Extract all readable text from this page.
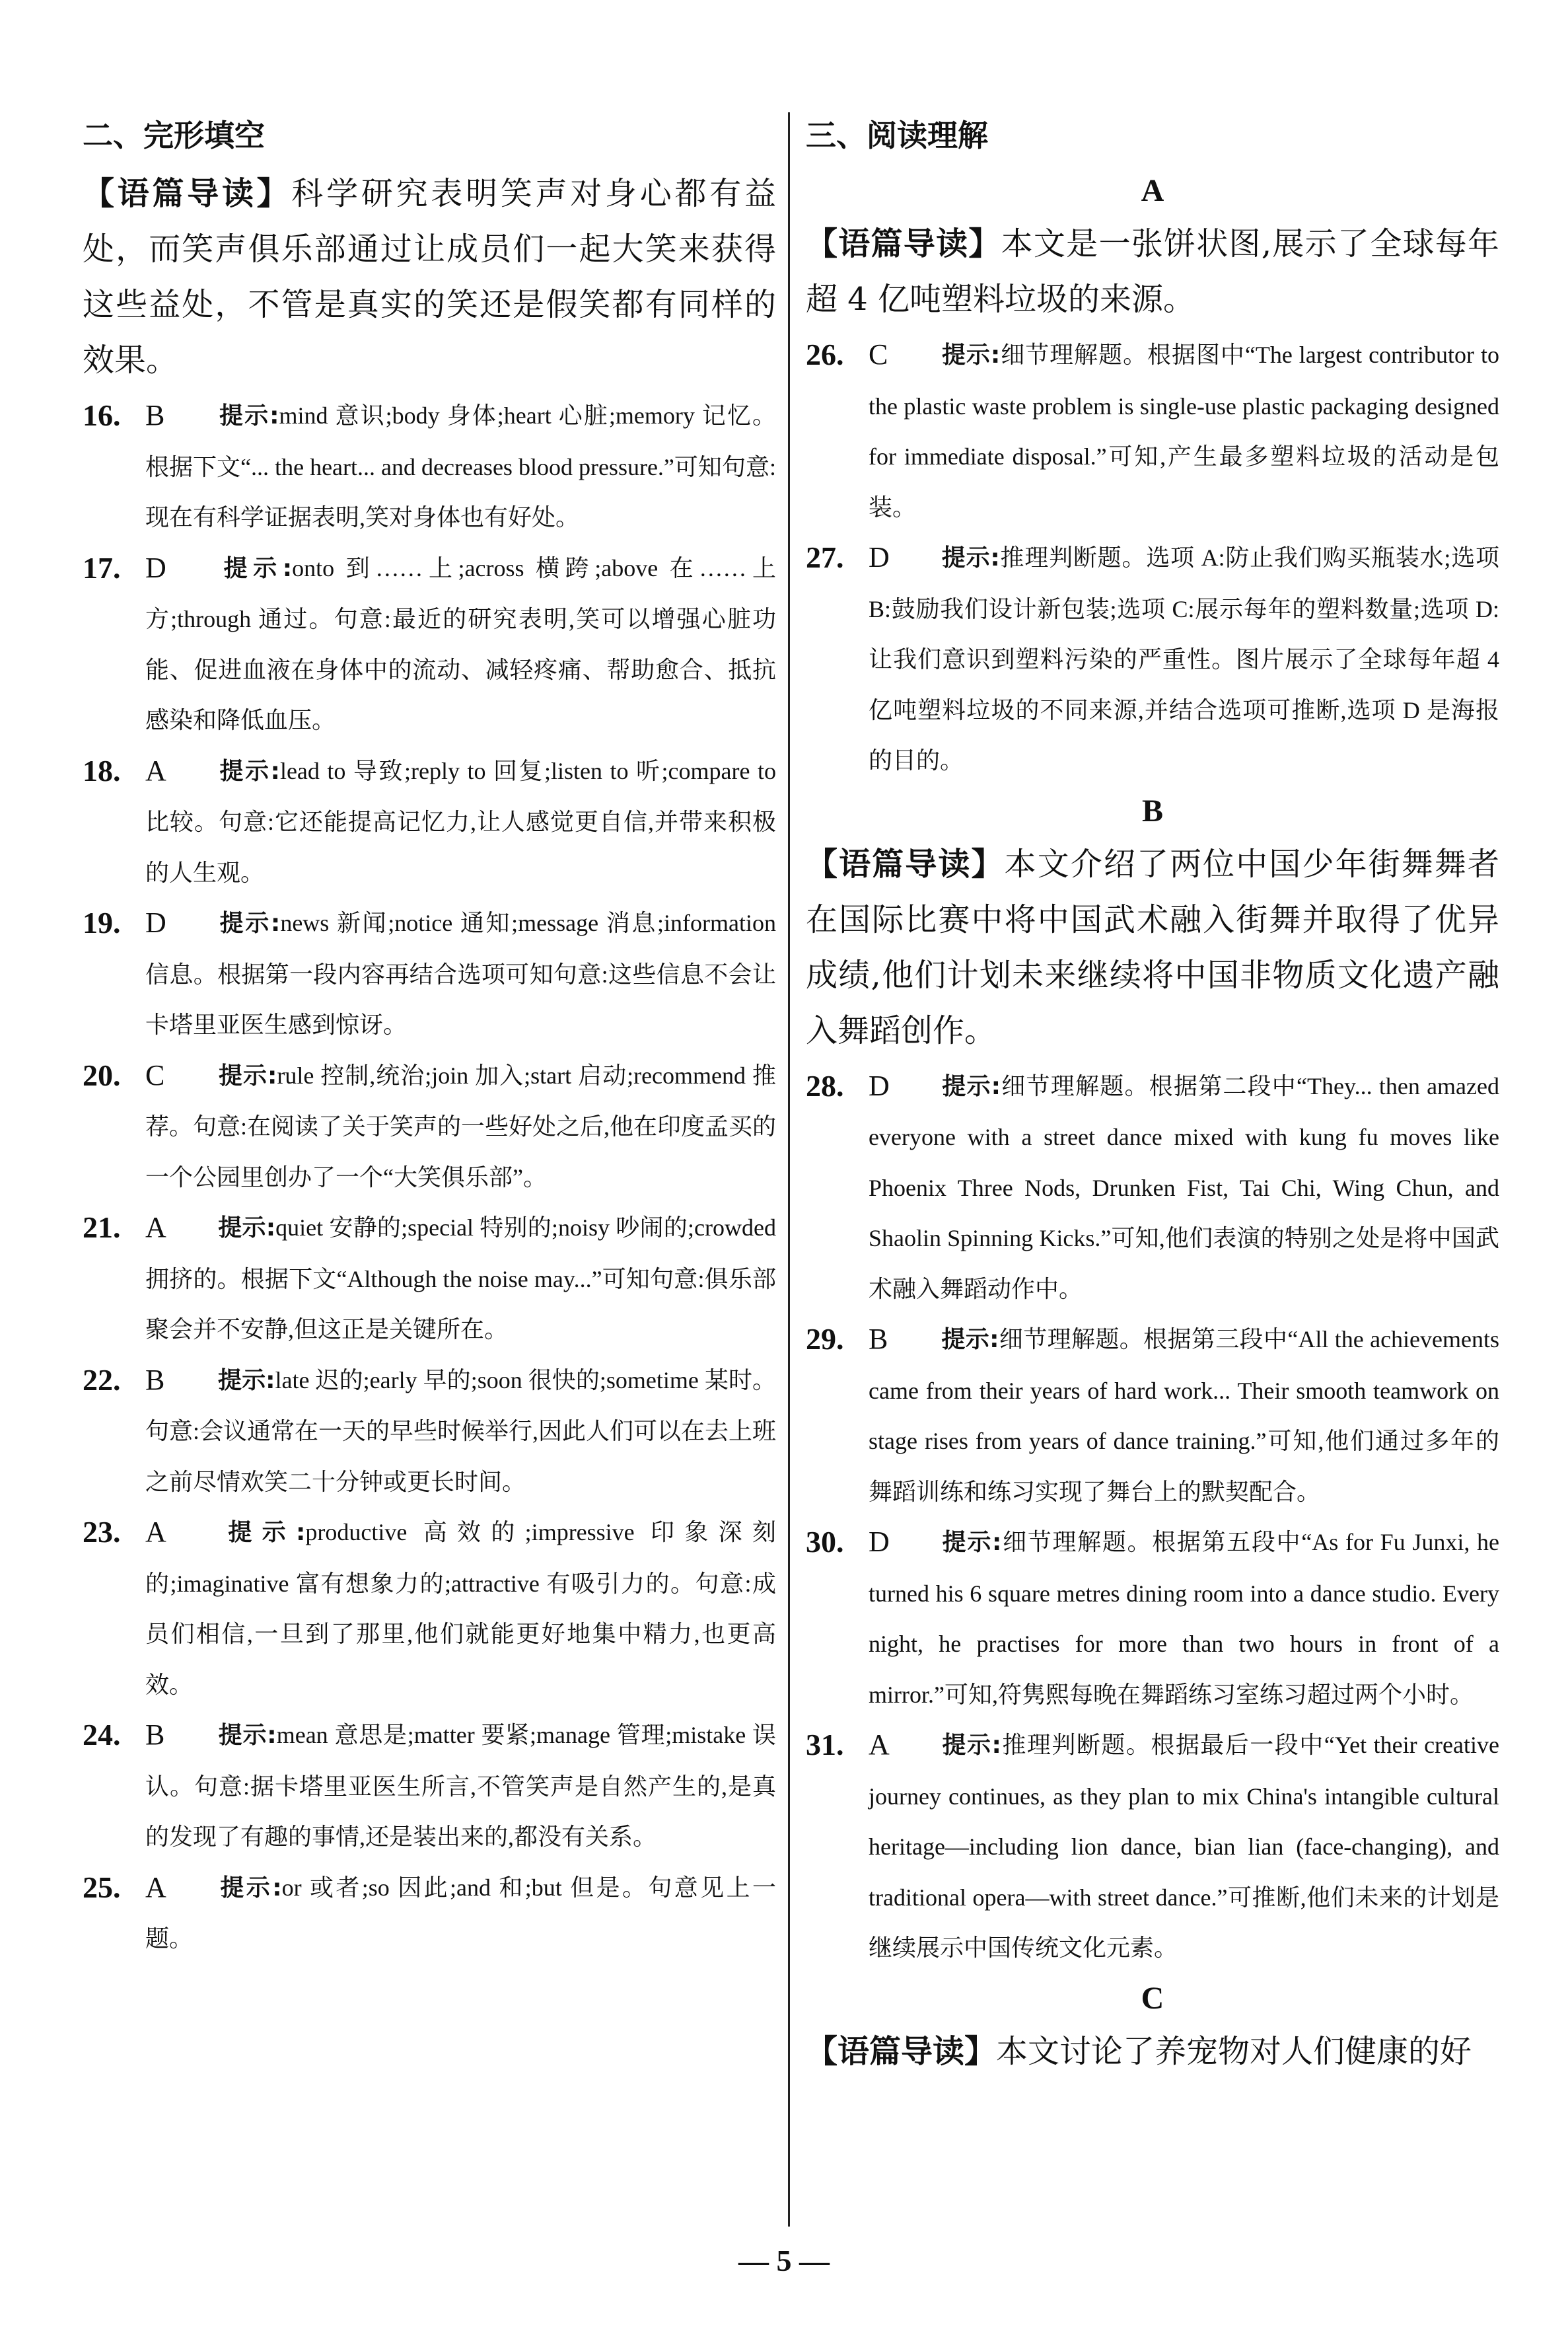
二、完形填空
【语篇导读】科学研究表明笑声对身心都有益处，而笑声俱乐部通过让成员们一起大笑来获得这些益处，不管是真实的笑还是假笑都有同样的效果。
16. B 提示:mind 意识;body 身体;heart 心脏;memory 记忆。根据下文“... the heart... and decreases blood pressure.”可知句意:现在有科学证据表明,笑对身体也有好处。
17. D 提示:onto 到……上;across 横跨;above 在……上方;through 通过。句意:最近的研究表明,笑可以增强心脏功能、促进血液在身体中的流动、减轻疼痛、帮助愈合、抵抗感染和降低血压。
18. A 提示:lead to 导致;reply to 回复;listen to 听;compare to 比较。句意:它还能提高记忆力,让人感觉更自信,并带来积极的人生观。
19. D 提示:news 新闻;notice 通知;message 消息;information 信息。根据第一段内容再结合选项可知句意:这些信息不会让卡塔里亚医生感到惊讶。
20. C 提示:rule 控制,统治;join 加入;start 启动;recommend 推荐。句意:在阅读了关于笑声的一些好处之后,他在印度孟买的一个公园里创办了一个“大笑俱乐部”。
21. A 提示:quiet 安静的;special 特别的;noisy 吵闹的;crowded 拥挤的。根据下文“Although the noise may...”可知句意:俱乐部聚会并不安静,但这正是关键所在。
22. B 提示:late 迟的;early 早的;soon 很快的;sometime 某时。句意:会议通常在一天的早些时候举行,因此人们可以在去上班之前尽情欢笑二十分钟或更长时间。
23. A 提示:productive 高效的;impressive 印象深刻的;imaginative 富有想象力的;attractive 有吸引力的。句意:成员们相信,一旦到了那里,他们就能更好地集中精力,也更高效。
24. B 提示:mean 意思是;matter 要紧;manage 管理;mistake 误认。句意:据卡塔里亚医生所言,不管笑声是自然产生的,是真的发现了有趣的事情,还是装出来的,都没有关系。
25. A 提示:or 或者;so 因此;and 和;but 但是。句意见上一题。
三、阅读理解
A
【语篇导读】本文是一张饼状图,展示了全球每年超 4 亿吨塑料垃圾的来源。
26. C 提示:细节理解题。根据图中“The largest contributor to the plastic waste problem is single-use plastic packaging designed for immediate disposal.”可知,产生最多塑料垃圾的活动是包装。
27. D 提示:推理判断题。选项 A:防止我们购买瓶装水;选项 B:鼓励我们设计新包装;选项 C:展示每年的塑料数量;选项 D:让我们意识到塑料污染的严重性。图片展示了全球每年超 4 亿吨塑料垃圾的不同来源,并结合选项可推断,选项 D 是海报的目的。
B
【语篇导读】本文介绍了两位中国少年街舞舞者在国际比赛中将中国武术融入街舞并取得了优异成绩,他们计划未来继续将中国非物质文化遗产融入舞蹈创作。
28. D 提示:细节理解题。根据第二段中“They... then amazed everyone with a street dance mixed with kung fu moves like Phoenix Three Nods, Drunken Fist, Tai Chi, Wing Chun, and Shaolin Spinning Kicks.”可知,他们表演的特别之处是将中国武术融入舞蹈动作中。
29. B 提示:细节理解题。根据第三段中“All the achievements came from their years of hard work... Their smooth teamwork on stage rises from years of dance training.”可知,他们通过多年的舞蹈训练和练习实现了舞台上的默契配合。
30. D 提示:细节理解题。根据第五段中“As for Fu Junxi, he turned his 6 square metres dining room into a dance studio. Every night, he practises for more than two hours in front of a mirror.”可知,符隽熙每晚在舞蹈练习室练习超过两个小时。
31. A 提示:推理判断题。根据最后一段中“Yet their creative journey continues, as they plan to mix China's intangible cultural heritage—including lion dance, bian lian (face-changing), and traditional opera—with street dance.”可推断,他们未来的计划是继续展示中国传统文化元素。
C
【语篇导读】本文讨论了养宠物对人们健康的好
— 5 —
